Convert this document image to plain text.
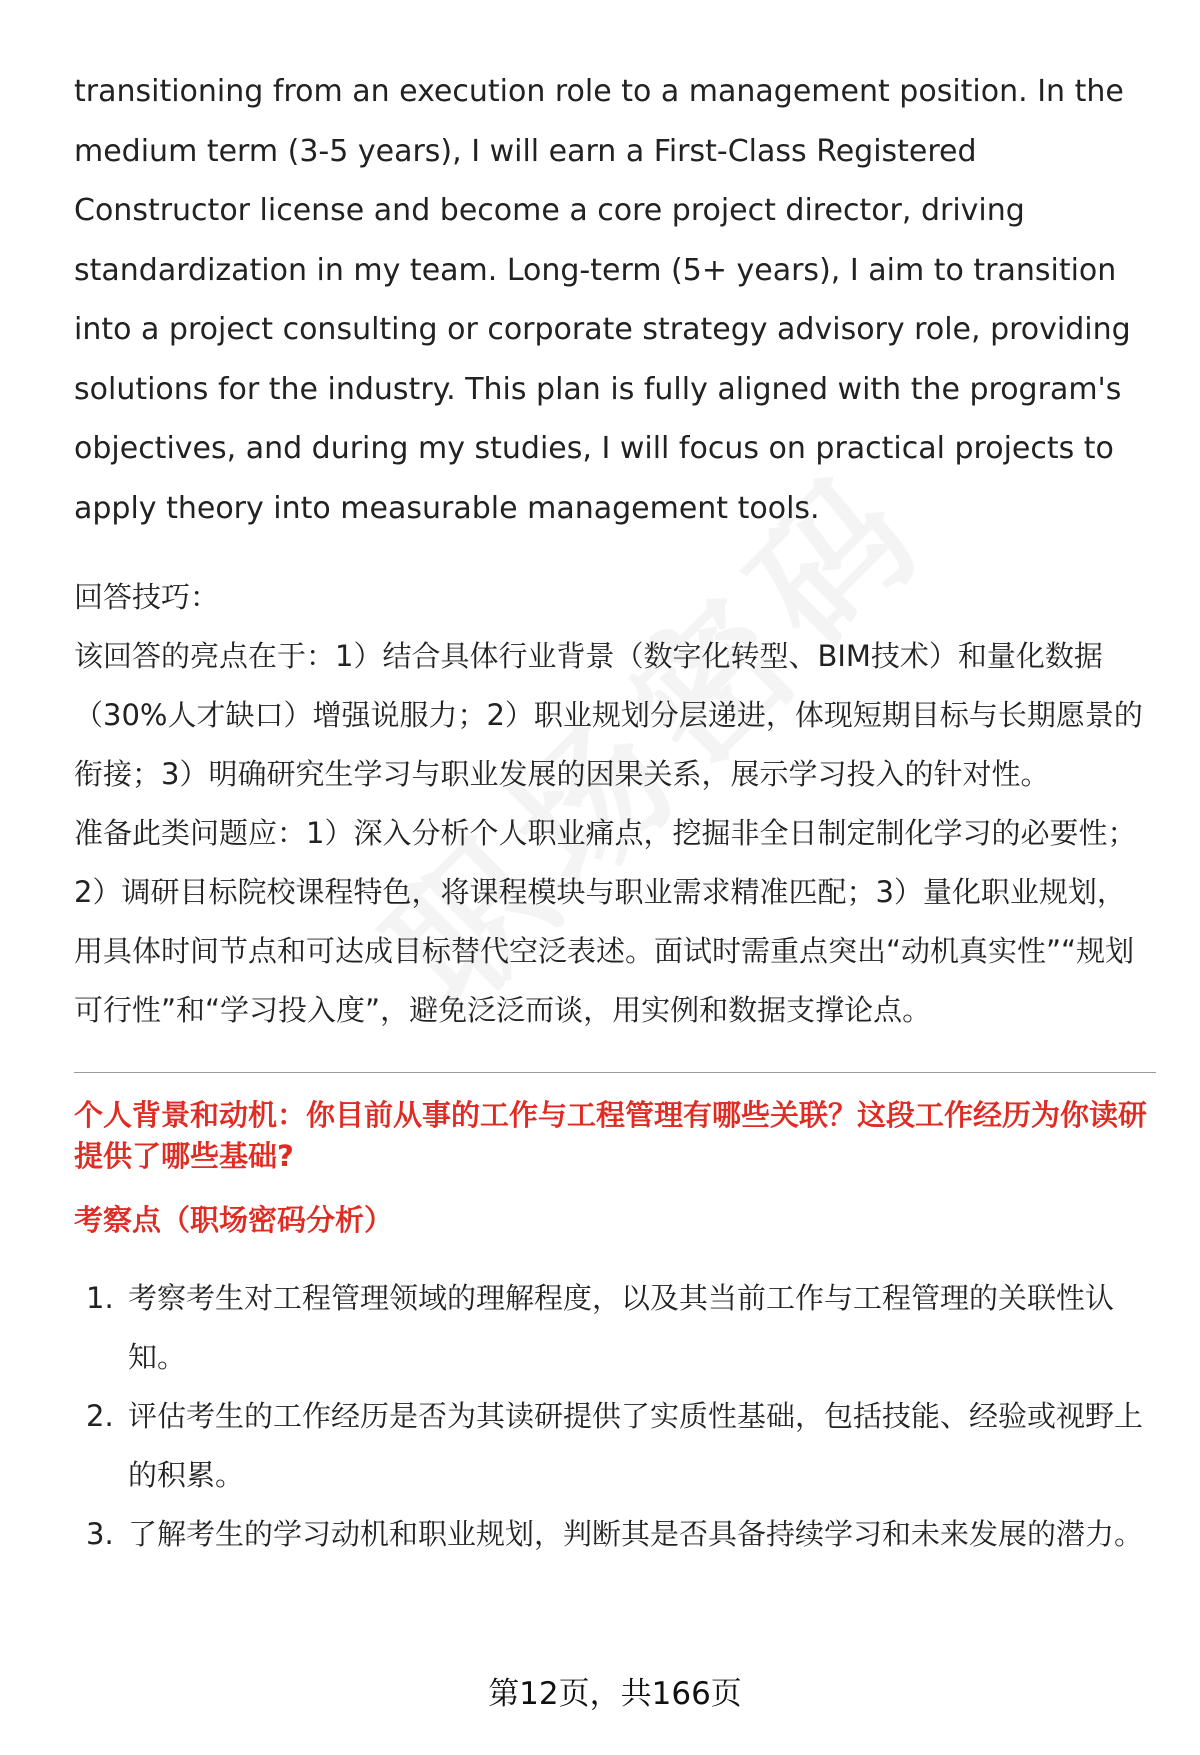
transitioning from an execution role to a management position. In the medium term (3-5 years), I will earn a First-Class Registered Constructor license and become a core project director, driving standardization in my team. Long-term (5+ years), I aim to transition into a project consulting or corporate strategy advisory role, providing solutions for the industry. This plan is fully aligned with the program's objectives, and during my studies, I will focus on practical projects to apply theory into measurable management tools.

回答技巧：

该回答的亮点在于：1）结合具体行业背景（数字化转型、BIM技术）和量化数据（30%人才缺口）增强说服力；2）职业规划分层递进，体现短期目标与长期愿景的衔接；3）明确研究生学习与职业发展的因果关系，展示学习投入的针对性。

准备此类问题应：1）深入分析个人职业痛点，挖掘非全日制定制化学习的必要性；2）调研目标院校课程特色，将课程模块与职业需求精准匹配；3）量化职业规划，用具体时间节点和可达成目标替代空泛表述。面试时需重点突出“动机真实性”“规划可行性”和“学习投入度”，避免泛泛而谈，用实例和数据支撑论点。

个人背景和动机：你目前从事的工作与工程管理有哪些关联？这段工作经历为你读研提供了哪些基础?

考察点（职场密码分析）

1. 考察考生对工程管理领域的理解程度，以及其当前工作与工程管理的关联性认知。
2. 评估考生的工作经历是否为其读研提供了实质性基础，包括技能、经验或视野上的积累。
3. 了解考生的学习动机和职业规划，判断其是否具备持续学习和未来发展的潜力。
第12页，共166页
